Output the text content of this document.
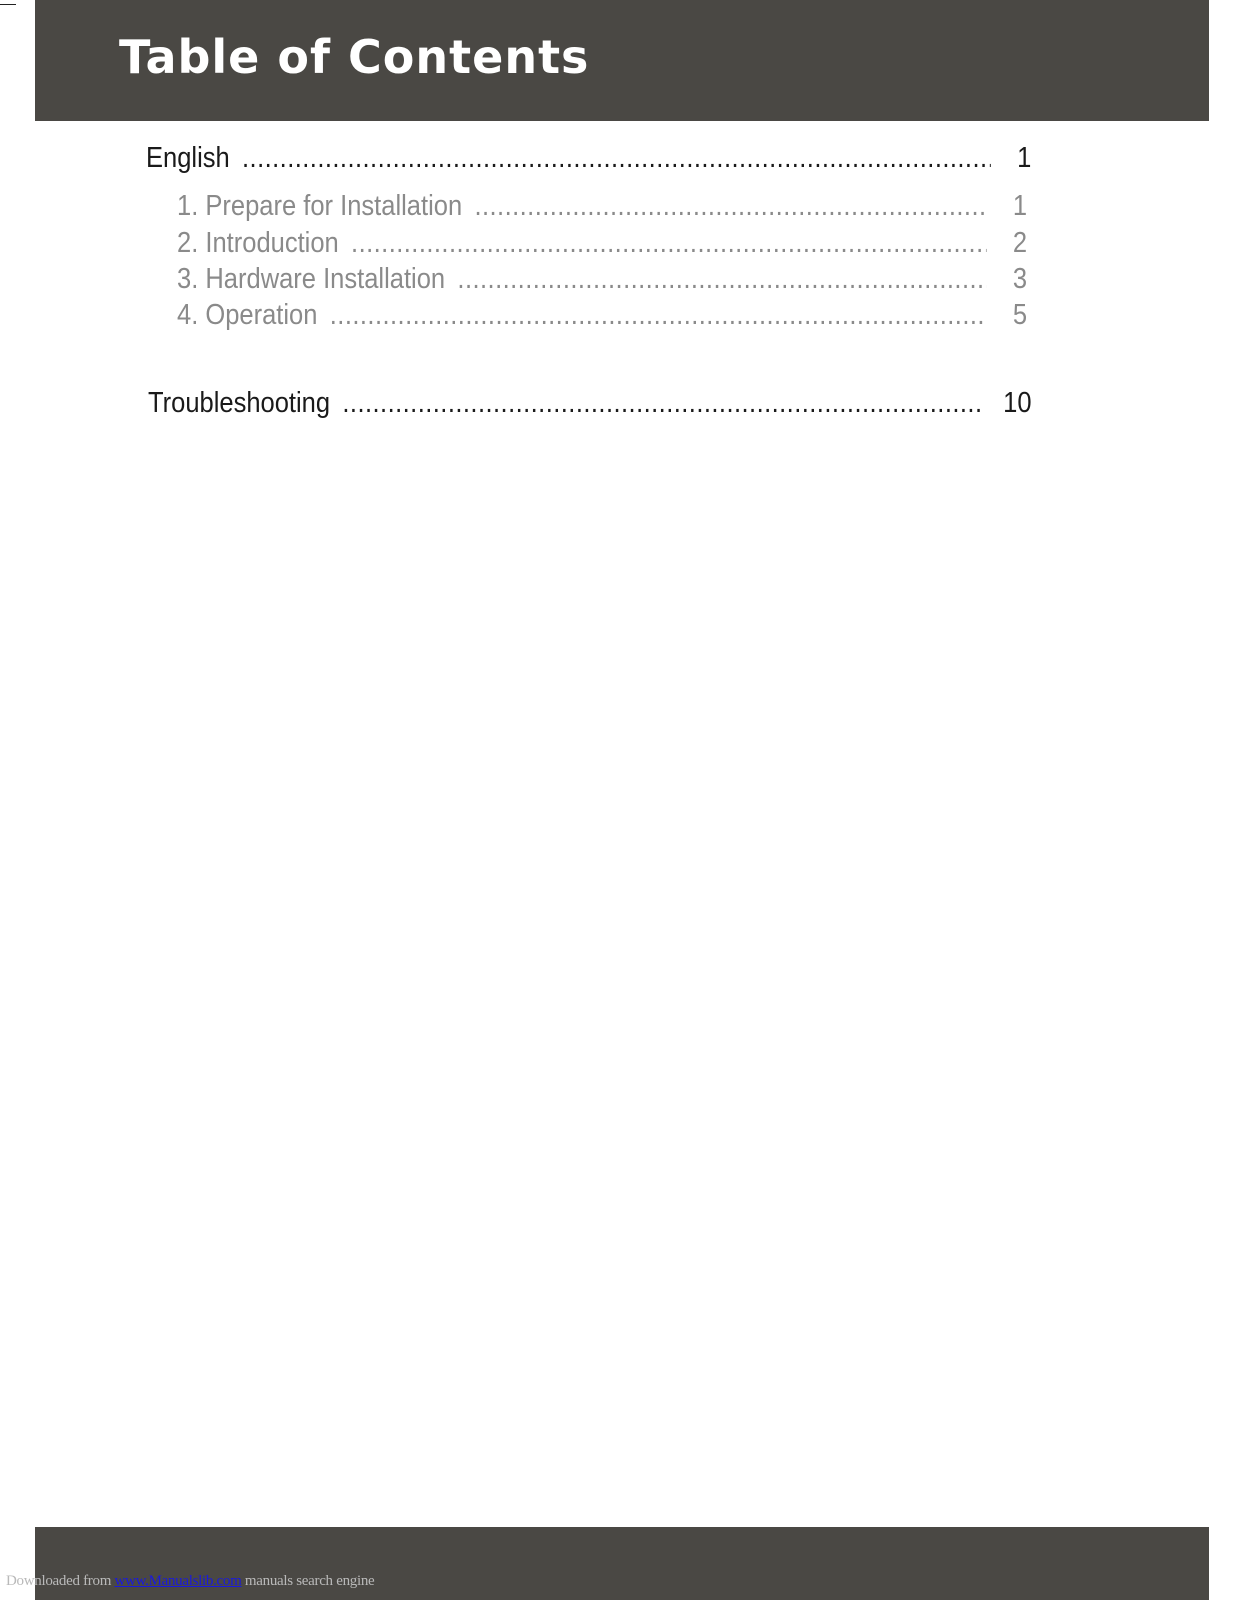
Table of Contents
English .....	1
1. Prepare for Installation .....	1
2. Introduction .....	2
3. Hardware Installation .....	3
4. Operation .....	5
Troubleshooting .....	10
Downloaded from www.Manualslib.com manuals search engine
